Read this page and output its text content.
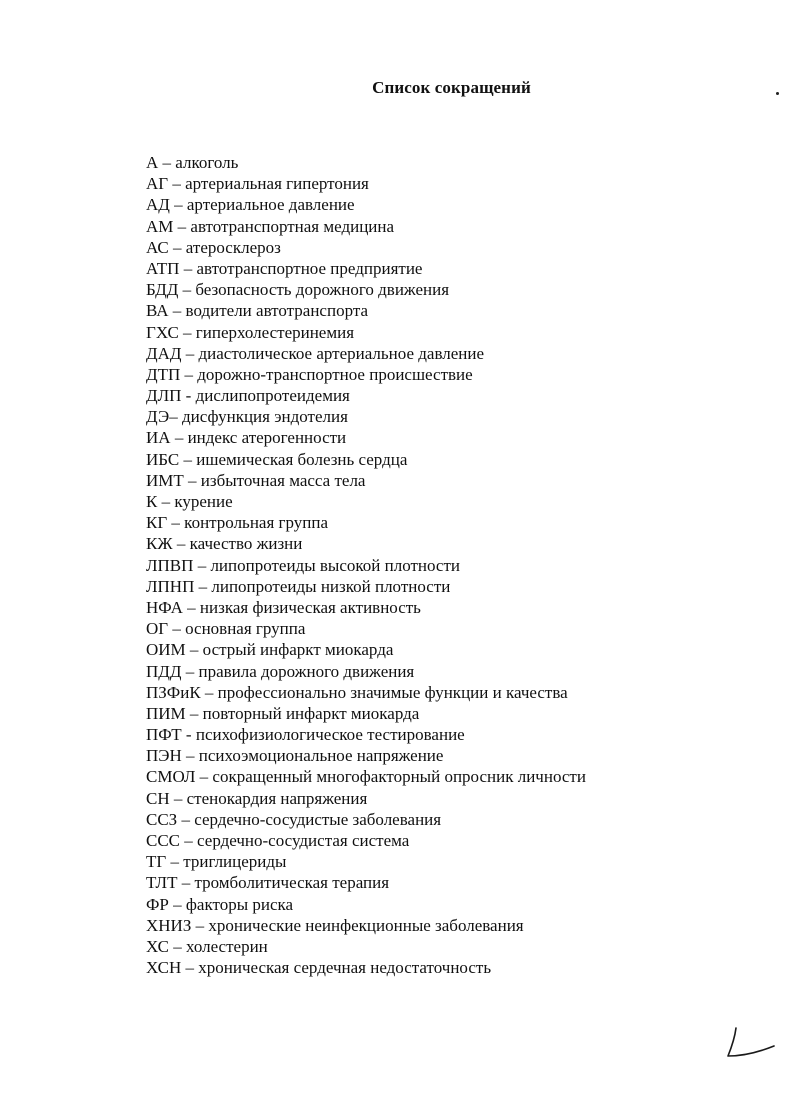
Список сокращений
А – алкоголь
АГ – артериальная гипертония
АД – артериальное давление
АМ – автотранспортная медицина
АС – атеросклероз
АТП – автотранспортное предприятие
БДД – безопасность дорожного движения
ВА – водители автотранспорта
ГХС – гиперхолестеринемия
ДАД – диастолическое артериальное давление
ДТП – дорожно-транспортное происшествие
ДЛП - дислипопротеидемия
ДЭ– дисфункция эндотелия
ИА – индекс атерогенности
ИБС – ишемическая болезнь сердца
ИМТ – избыточная масса тела
К – курение
КГ – контрольная группа
КЖ – качество жизни
ЛПВП – липопротеиды высокой плотности
ЛПНП – липопротеиды низкой плотности
НФА – низкая физическая активность
ОГ – основная группа
ОИМ – острый инфаркт миокарда
ПДД – правила дорожного движения
ПЗФиК – профессионально значимые функции и качества
ПИМ – повторный инфаркт миокарда
ПФТ - психофизиологическое тестирование
ПЭН – психоэмоциональное напряжение
СМОЛ – сокращенный многофакторный опросник личности
СН – стенокардия напряжения
ССЗ – сердечно-сосудистые заболевания
ССС – сердечно-сосудистая система
ТГ – триглицериды
ТЛТ – тромболитическая терапия
ФР – факторы риска
ХНИЗ – хронические неинфекционные заболевания
ХС – холестерин
ХСН – хроническая сердечная недостаточность
